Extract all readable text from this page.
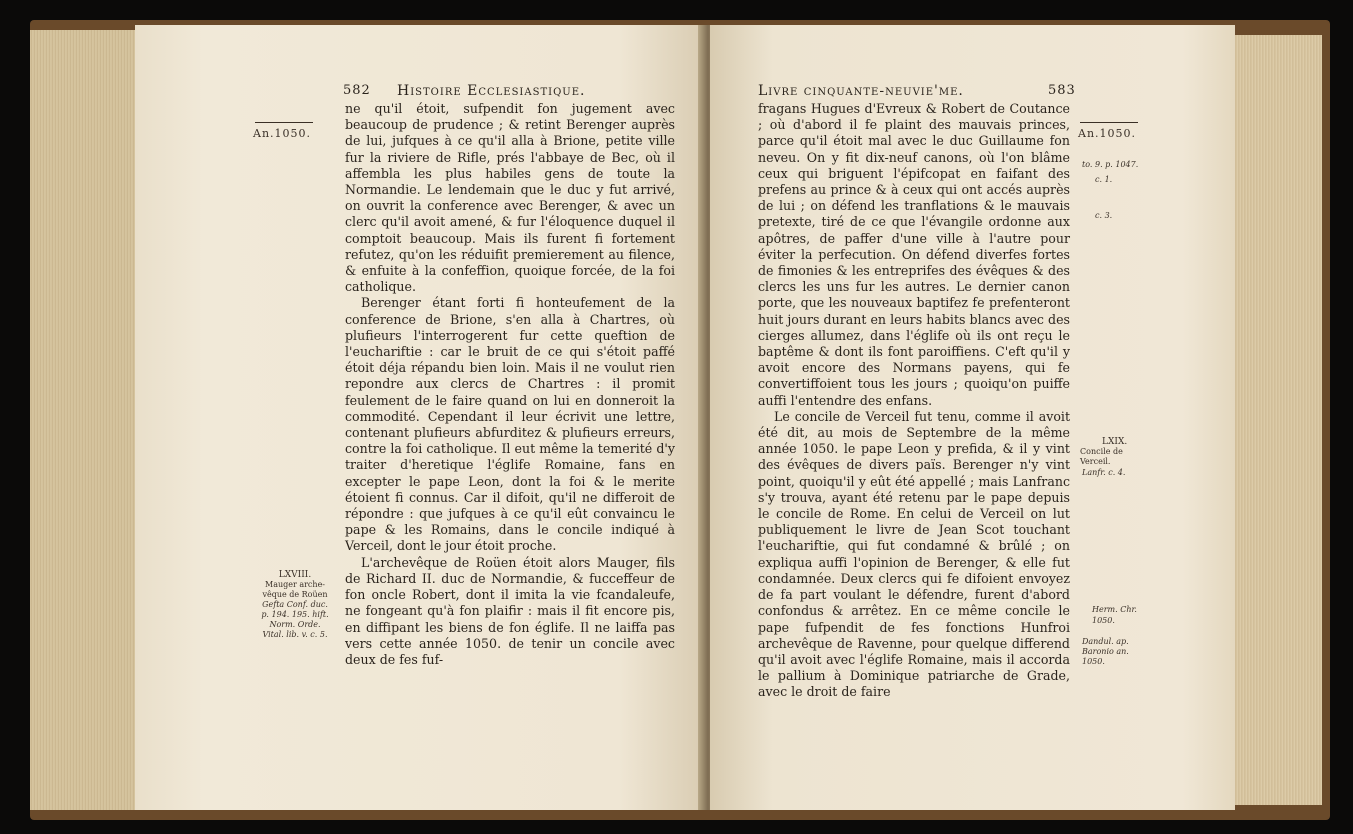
582 Histoire Ecclesiastique.
An.1050.

ne qu'il étoit, sufpendit fon jugement avec beaucoup de prudence ; & retint Berenger auprès de lui, jufques à ce qu'il alla à Brione, petite ville fur la riviere de Rifle, prés l'abbaye de Bec, où il affembla les plus habiles gens de toute la Normandie. Le lendemain que le duc y fut arrivé, on ouvrit la conference avec Berenger, & avec un clerc qu'il avoit amené, & fur l'éloquence duquel il comptoit beaucoup. Mais ils furent fi fortement refutez, qu'on les réduifit premierement au filence, & enfuite à la confeffion, quoique forcée, de la foi catholique.

Berenger étant forti fi honteufement de la conference de Brione, s'en alla à Chartres, où plufieurs l'interrogerent fur cette queftion de l'euchariftie : car le bruit de ce qui s'étoit paffé étoit déja répandu bien loin. Mais il ne voulut rien repondre aux clercs de Chartres : il promit feulement de le faire quand on lui en donneroit la commodité. Cependant il leur écrivit une lettre, contenant plufieurs abfurditez & plufieurs erreurs, contre la foi catholique. Il eut même la temerité d'y traiter d'heretique l'églife Romaine, fans en excepter le pape Leon, dont la foi & le merite étoient fi connus. Car il difoit, qu'il ne differoit de répondre : que jufques à ce qu'il eût convaincu le pape & les Romains, dans le concile indiqué à Verceil, dont le jour étoit proche.

L'archevêque de Roüen étoit alors Mauger, fils de Richard II. duc de Normandie, & fucceffeur de fon oncle Robert, dont il imita la vie fcandaleufe, ne fongeant qu'à fon plaifir : mais il fit encore pis, en diffipant les biens de fon églife. Il ne laiffa pas vers cette année 1050. de tenir un concile avec deux de fes fuf-

LXVIII.
Mauger arche-
vêque de Roüen
Gefta Conf. duc.
p. 194. 195. hift.
Norm. Orde.
Vital. lib. v. c. 5.
Livre cinquante-neuvie'me.	583
An.1050.

fragans Hugues d'Evreux & Robert de Coutance ; où d'abord il fe plaint des mauvais princes, parce qu'il étoit mal avec le duc Guillaume fon neveu. On y fit dix-neuf canons, où l'on blâme ceux qui briguent l'épifcopat en faifant des prefens au prince & à ceux qui ont accés auprès de lui ; on défend les tranflations & le mauvais pretexte, tiré de ce que l'évangile ordonne aux apôtres, de paffer d'une ville à l'autre pour éviter la perfecution. On défend diverfes fortes de fimonies & les entreprifes des évêques & des clercs les uns fur les autres. Le dernier canon porte, que les nouveaux baptifez fe prefenteront huit jours durant en leurs habits blancs avec des cierges allumez, dans l'églife où ils ont reçu le baptême & dont ils font paroiffiens. C'eft qu'il y avoit encore des Normans payens, qui fe convertiffoient tous les jours ; quoiqu'on puiffe auffi l'entendre des enfans.

Le concile de Verceil fut tenu, comme il avoit été dit, au mois de Septembre de la même année 1050. le pape Leon y prefida, & il y vint des évêques de divers païs. Berenger n'y vint point, quoiqu'il y eût été appellé ; mais Lanfranc s'y trouva, ayant été retenu par le pape depuis le concile de Rome. En celui de Verceil on lut publiquement le livre de Jean Scot touchant l'euchariftie, qui fut condamné & brûlé ; on expliqua auffi l'opinion de Berenger, & elle fut condamnée. Deux clercs qui fe difoient envoyez de fa part voulant le défendre, furent d'abord confondus & arrêtez. En ce même concile le pape fufpendit de fes fonctions Hunfroi archevêque de Ravenne, pour quelque differend qu'il avoit avec l'églife Romaine, mais il accorda le pallium à Dominique patriarche de Grade, avec le droit de faire

to. 9. p. 1047.
c. 1.
c. 3.
LXIX.
Concile de Verceil.
Lanfr. c. 4.
Herm. Chr.
1050.
Dandul. ap. Baronio an. 1050.
